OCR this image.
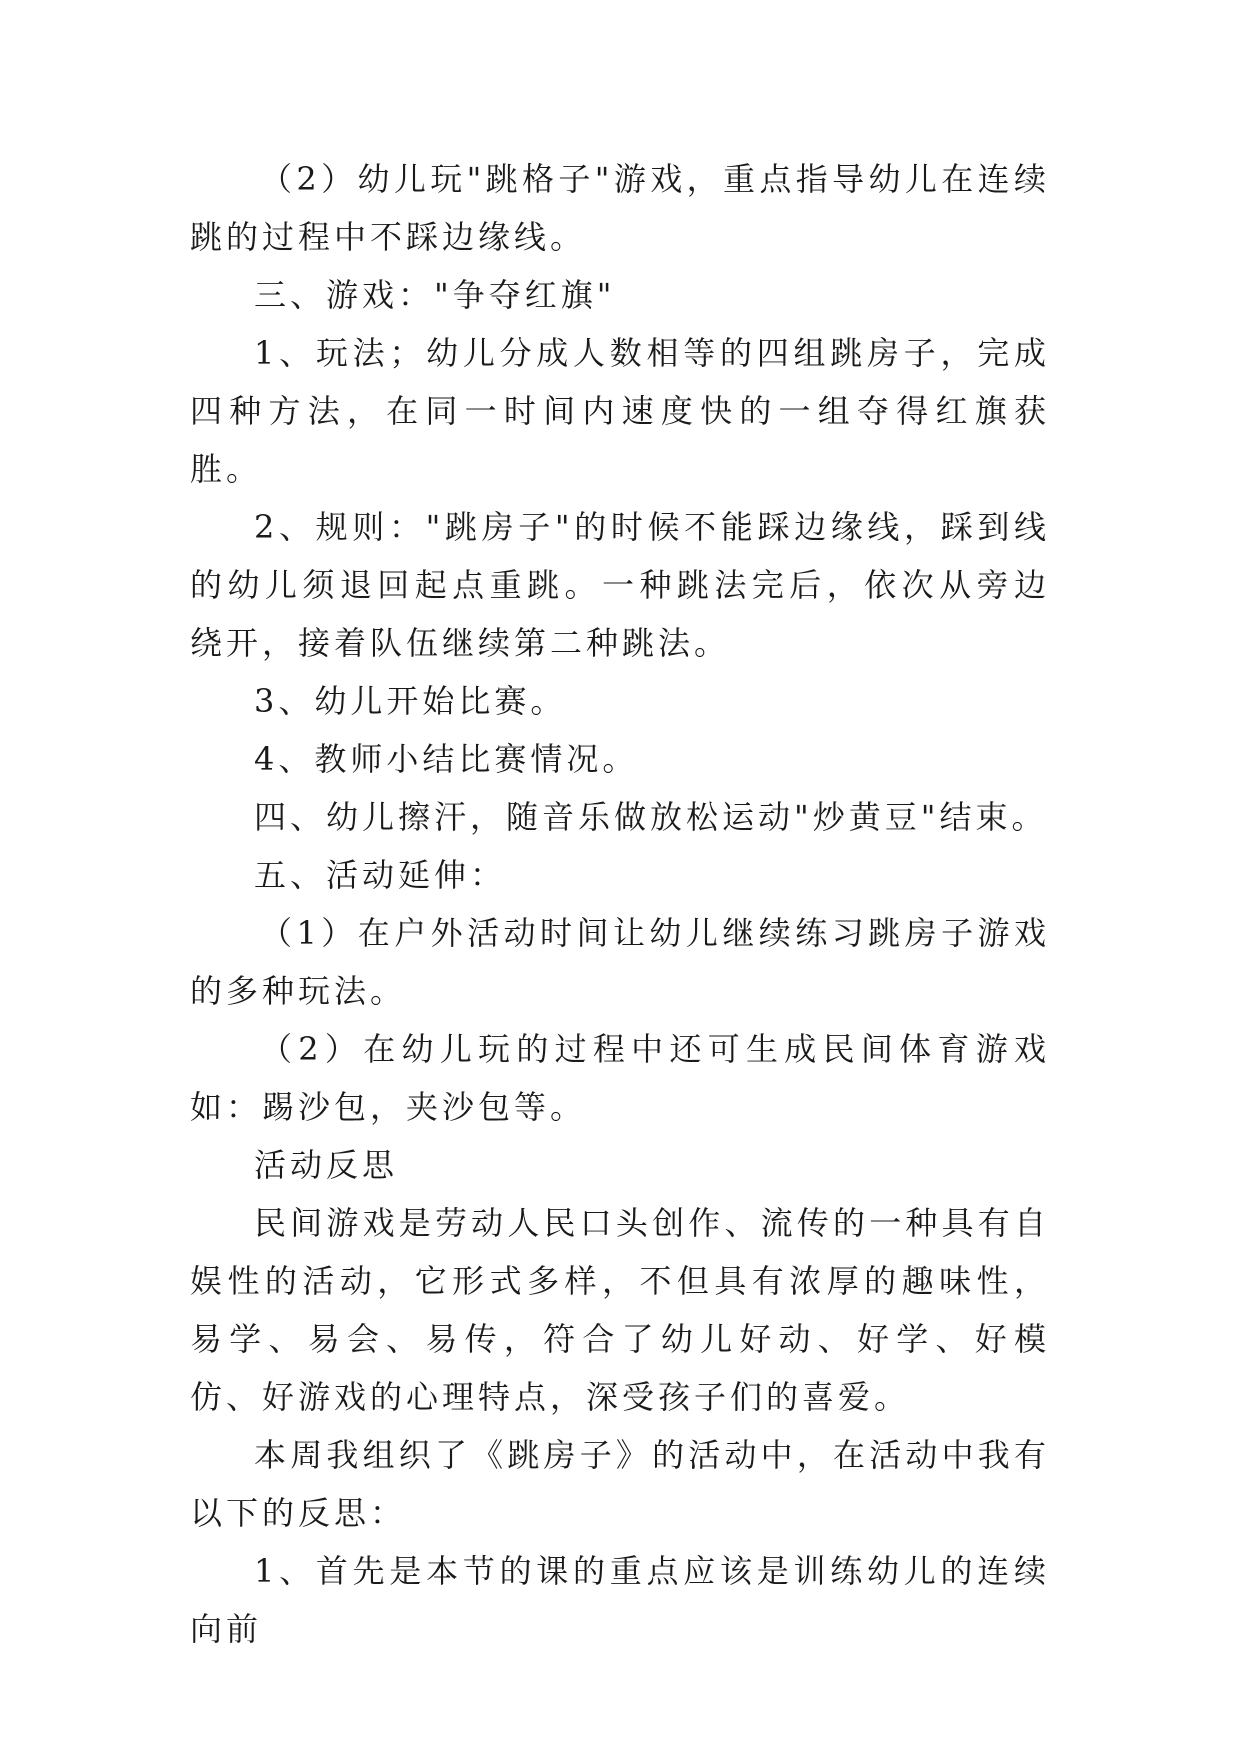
（2）幼儿玩"跳格子"游戏，重点指导幼儿在连续跳的过程中不踩边缘线。

三、游戏："争夺红旗"

1、玩法；幼儿分成人数相等的四组跳房子，完成四种方法，在同一时间内速度快的一组夺得红旗获胜。

2、规则："跳房子"的时候不能踩边缘线，踩到线的幼儿须退回起点重跳。一种跳法完后，依次从旁边绕开，接着队伍继续第二种跳法。

3、幼儿开始比赛。

4、教师小结比赛情况。

四、幼儿擦汗，随音乐做放松运动"炒黄豆"结束。

五、活动延伸：

（1）在户外活动时间让幼儿继续练习跳房子游戏的多种玩法。

（2）在幼儿玩的过程中还可生成民间体育游戏如：踢沙包，夹沙包等。

活动反思

民间游戏是劳动人民口头创作、流传的一种具有自娱性的活动，它形式多样，不但具有浓厚的趣味性，易学、易会、易传，符合了幼儿好动、好学、好模仿、好游戏的心理特点，深受孩子们的喜爱。

本周我组织了《跳房子》的活动中，在活动中我有以下的反思：

1、首先是本节的课的重点应该是训练幼儿的连续向前
